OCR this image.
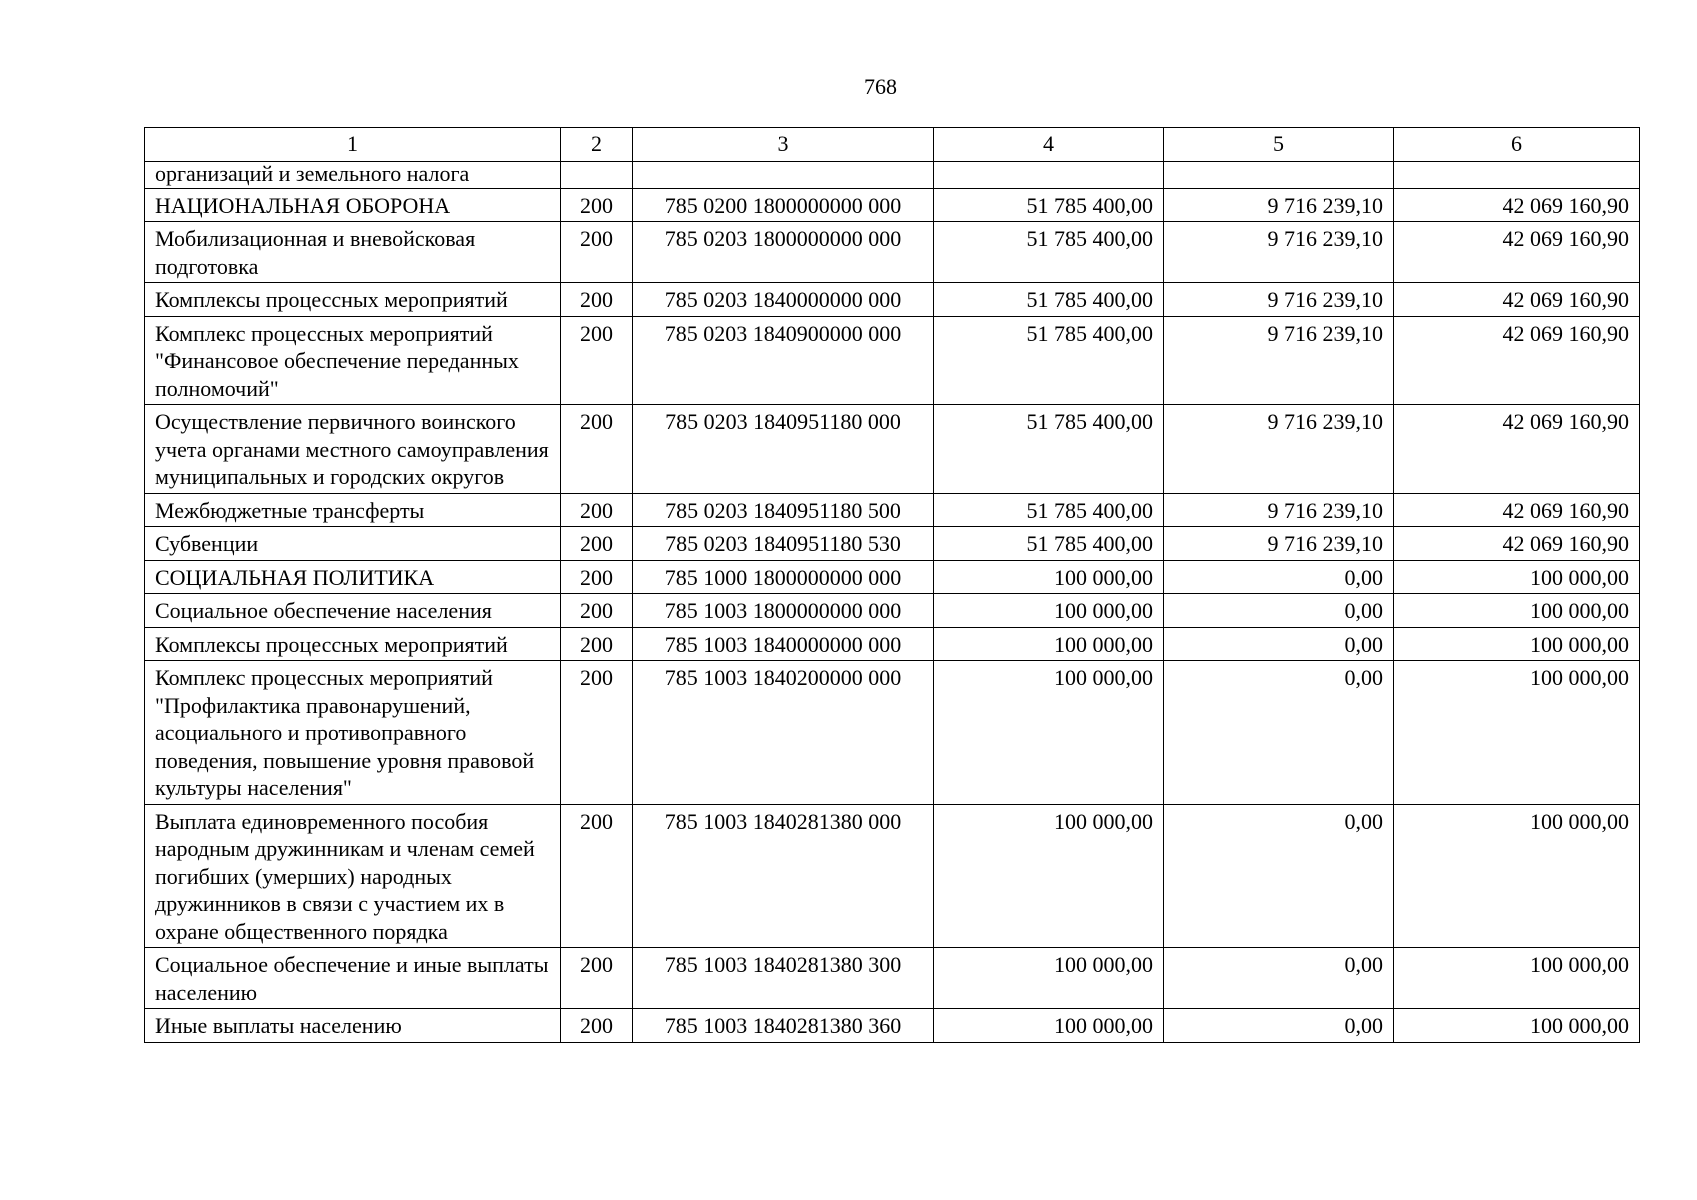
768
1	2	3	4	5	6
организаций и земельного налога					
НАЦИОНАЛЬНАЯ ОБОРОНА	200	785 0200 1800000000 000	51 785 400,00	9 716 239,10	42 069 160,90
Мобилизационная и вневойсковая подготовка	200	785 0203 1800000000 000	51 785 400,00	9 716 239,10	42 069 160,90
Комплексы процессных мероприятий	200	785 0203 1840000000 000	51 785 400,00	9 716 239,10	42 069 160,90
Комплекс процессных мероприятий "Финансовое обеспечение переданных полномочий"	200	785 0203 1840900000 000	51 785 400,00	9 716 239,10	42 069 160,90
Осуществление первичного воинского учета органами местного самоуправления муниципальных и городских округов	200	785 0203 1840951180 000	51 785 400,00	9 716 239,10	42 069 160,90
Межбюджетные трансферты	200	785 0203 1840951180 500	51 785 400,00	9 716 239,10	42 069 160,90
Субвенции	200	785 0203 1840951180 530	51 785 400,00	9 716 239,10	42 069 160,90
СОЦИАЛЬНАЯ ПОЛИТИКА	200	785 1000 1800000000 000	100 000,00	0,00	100 000,00
Социальное обеспечение населения	200	785 1003 1800000000 000	100 000,00	0,00	100 000,00
Комплексы процессных мероприятий	200	785 1003 1840000000 000	100 000,00	0,00	100 000,00
Комплекс процессных мероприятий "Профилактика правонарушений, асоциального и противоправного поведения, повышение уровня правовой культуры населения"	200	785 1003 1840200000 000	100 000,00	0,00	100 000,00
Выплата единовременного пособия народным дружинникам и членам семей погибших (умерших) народных дружинников в связи с участием их в охране общественного порядка	200	785 1003 1840281380 000	100 000,00	0,00	100 000,00
Социальное обеспечение и иные выплаты населению	200	785 1003 1840281380 300	100 000,00	0,00	100 000,00
Иные выплаты населению	200	785 1003 1840281380 360	100 000,00	0,00	100 000,00
